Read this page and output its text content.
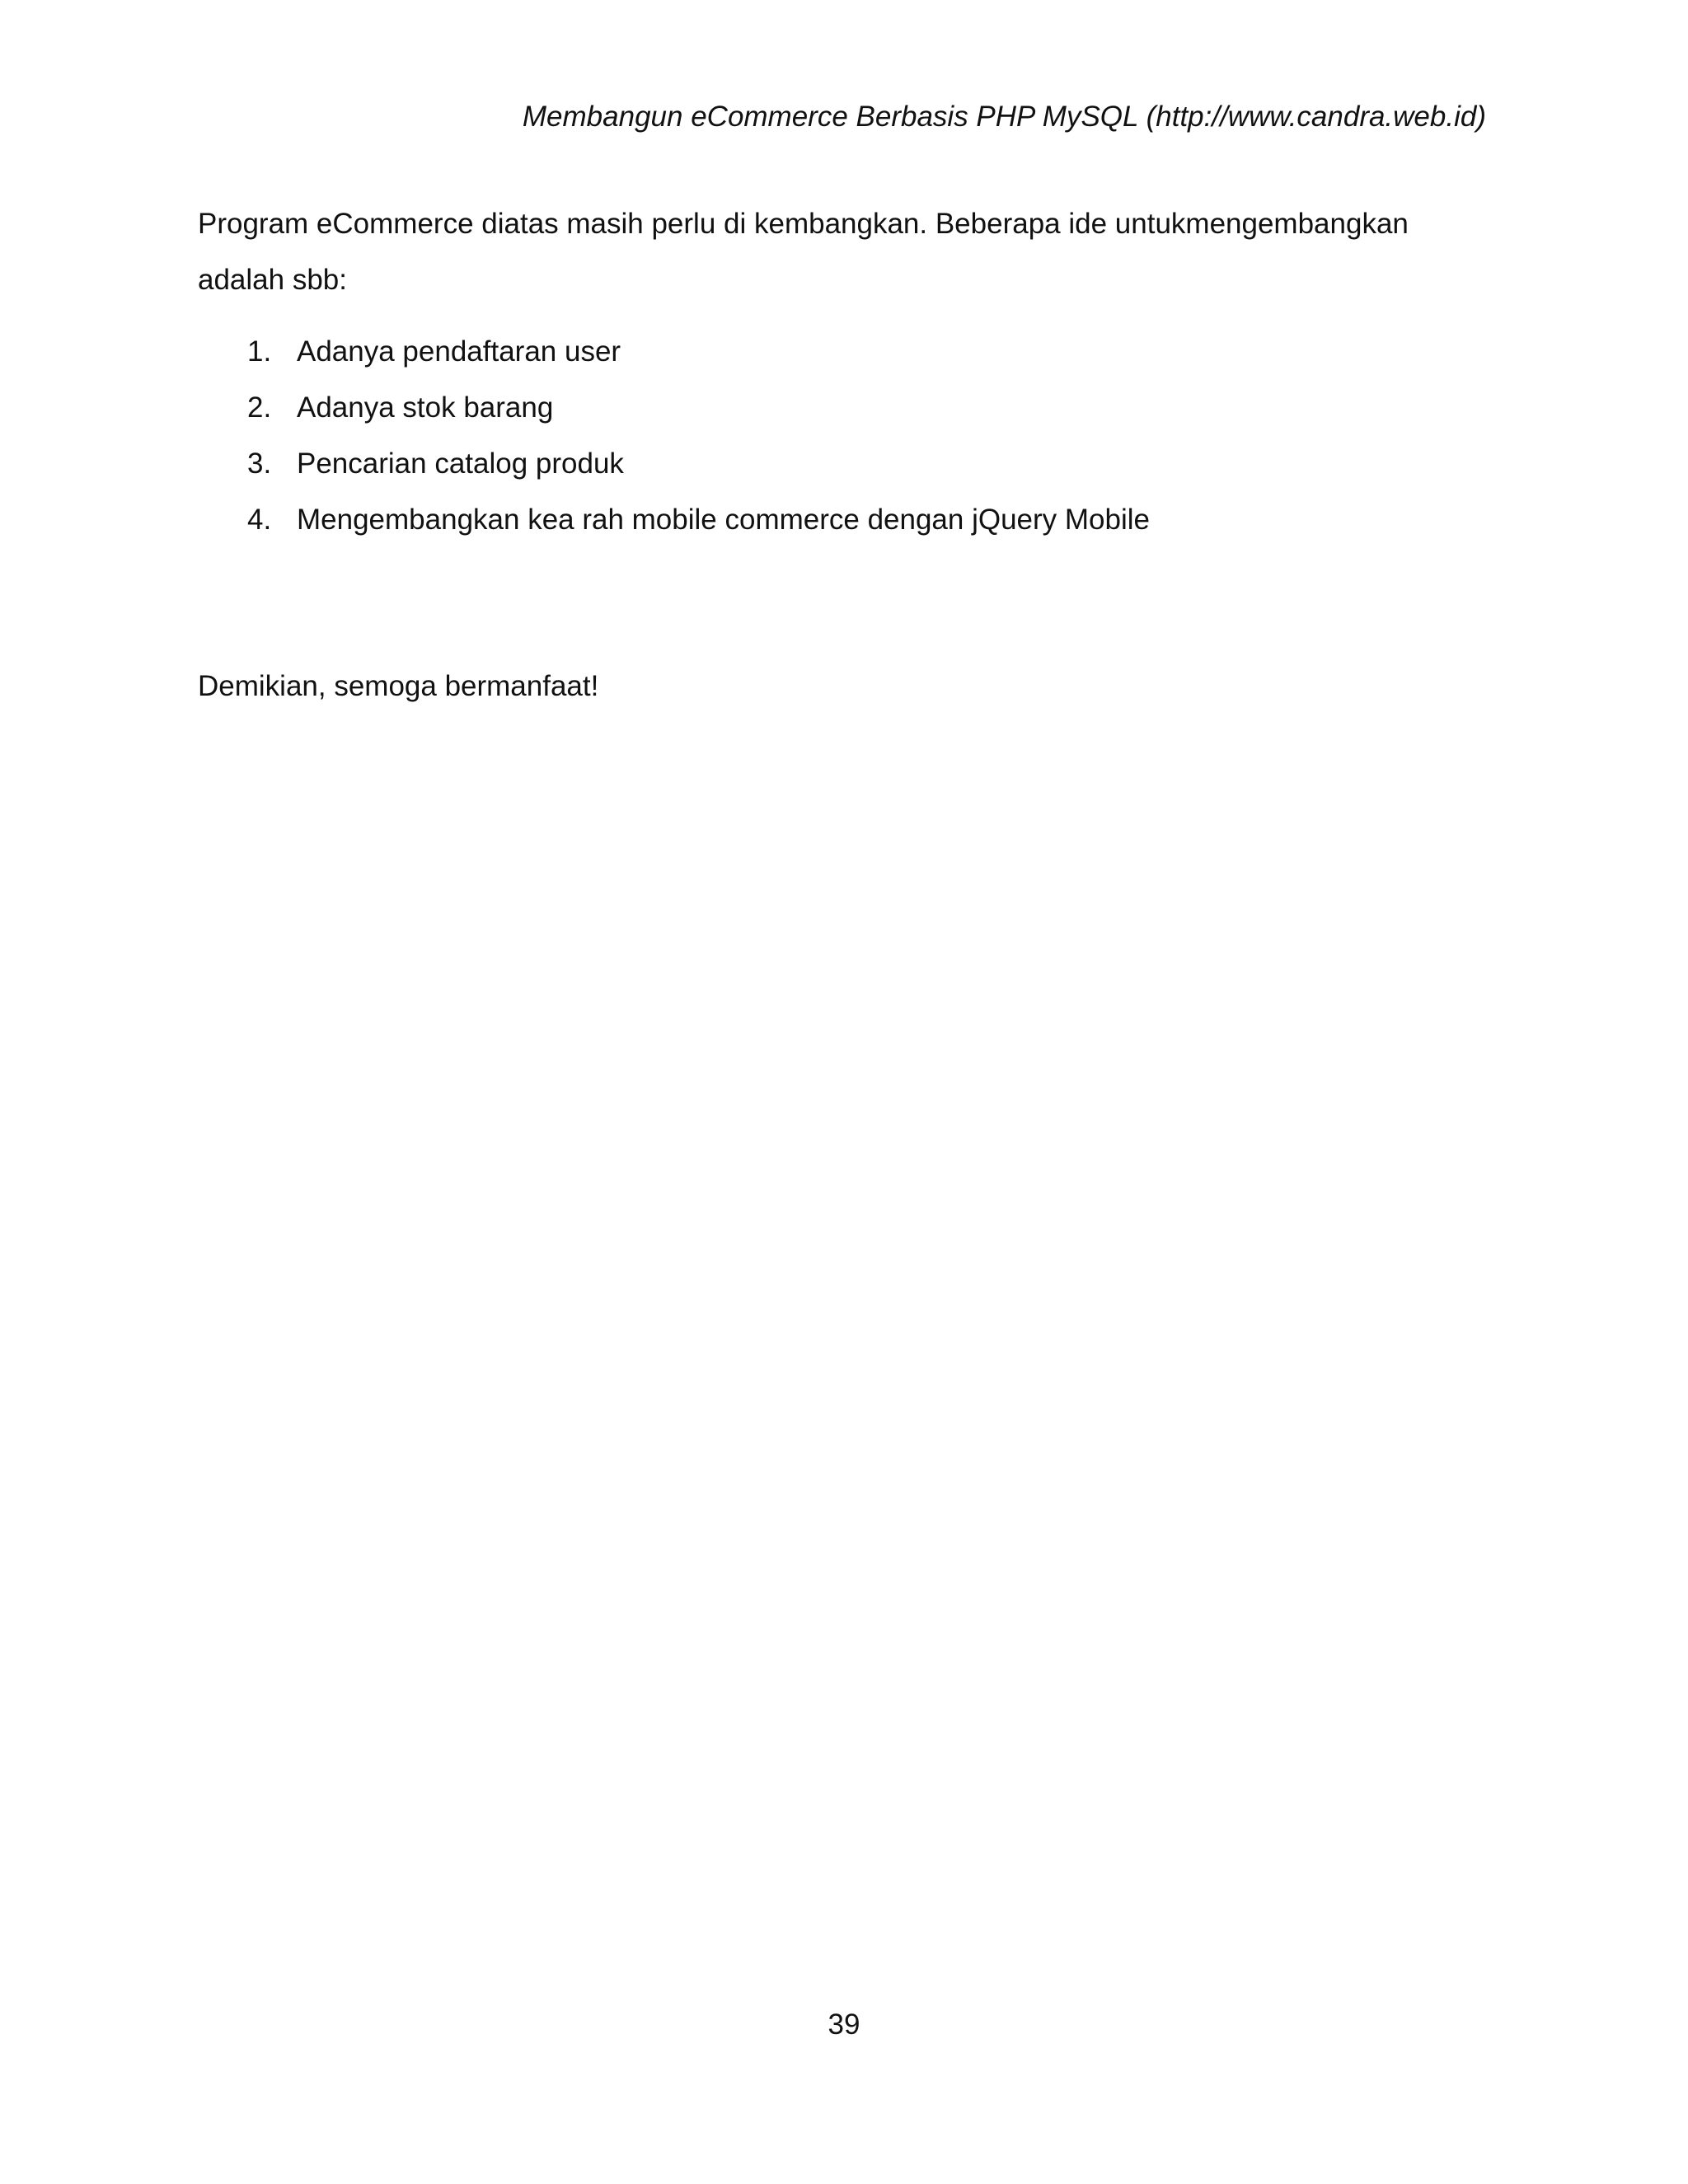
Membangun eCommerce Berbasis PHP MySQL (http://www.candra.web.id)

Program eCommerce diatas masih perlu di kembangkan. Beberapa ide untukmengembangkan adalah sbb:

1. Adanya pendaftaran user
2. Adanya stok barang
3. Pencarian catalog produk
4. Mengembangkan kea rah mobile commerce dengan jQuery Mobile

Demikian, semoga bermanfaat!

39
